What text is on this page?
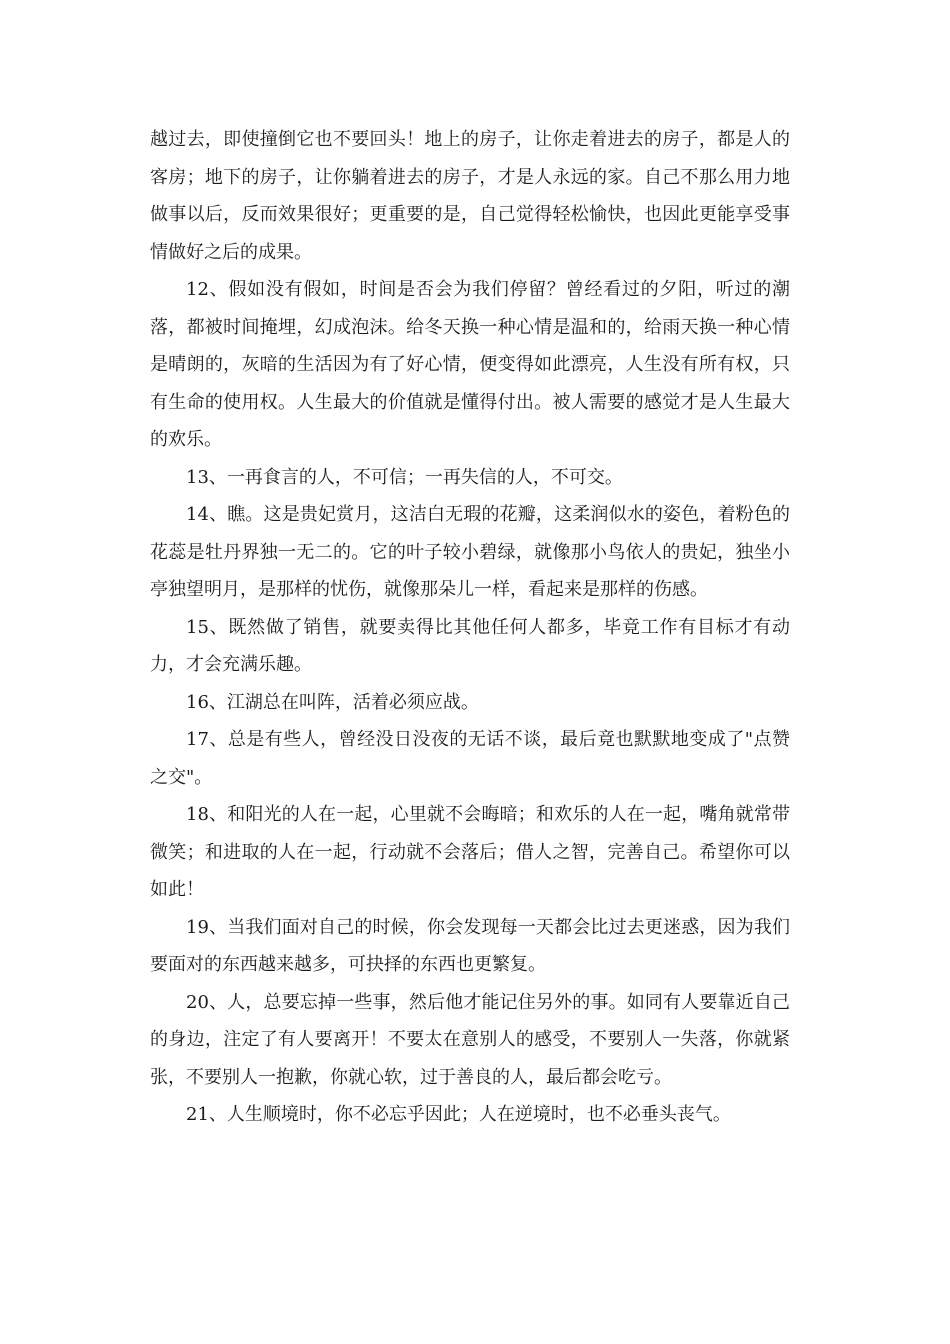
越过去，即使撞倒它也不要回头！地上的房子，让你走着进去的房子，都是人的客房；地下的房子，让你躺着进去的房子，才是人永远的家。自己不那么用力地做事以后，反而效果很好；更重要的是，自己觉得轻松愉快，也因此更能享受事情做好之后的成果。

12、假如没有假如，时间是否会为我们停留？曾经看过的夕阳，听过的潮落，都被时间掩埋，幻成泡沫。给冬天换一种心情是温和的，给雨天换一种心情是晴朗的，灰暗的生活因为有了好心情，便变得如此漂亮，人生没有所有权，只有生命的使用权。人生最大的价值就是懂得付出。被人需要的感觉才是人生最大的欢乐。

13、一再食言的人，不可信；一再失信的人，不可交。

14、瞧。这是贵妃赏月，这洁白无瑕的花瓣，这柔润似水的姿色，着粉色的花蕊是牡丹界独一无二的。它的叶子较小碧绿，就像那小鸟依人的贵妃，独坐小亭独望明月，是那样的忧伤，就像那朵儿一样，看起来是那样的伤感。

15、既然做了销售，就要卖得比其他任何人都多，毕竟工作有目标才有动力，才会充满乐趣。

16、江湖总在叫阵，活着必须应战。

17、总是有些人，曾经没日没夜的无话不谈，最后竟也默默地变成了"点赞之交"。

18、和阳光的人在一起，心里就不会晦暗；和欢乐的人在一起，嘴角就常带微笑；和进取的人在一起，行动就不会落后；借人之智，完善自己。希望你可以如此！

19、当我们面对自己的时候，你会发现每一天都会比过去更迷惑，因为我们要面对的东西越来越多，可抉择的东西也更繁复。

20、人，总要忘掉一些事，然后他才能记住另外的事。如同有人要靠近自己的身边，注定了有人要离开！不要太在意别人的感受，不要别人一失落，你就紧张，不要别人一抱歉，你就心软，过于善良的人，最后都会吃亏。

21、人生顺境时，你不必忘乎因此；人在逆境时，也不必垂头丧气。
